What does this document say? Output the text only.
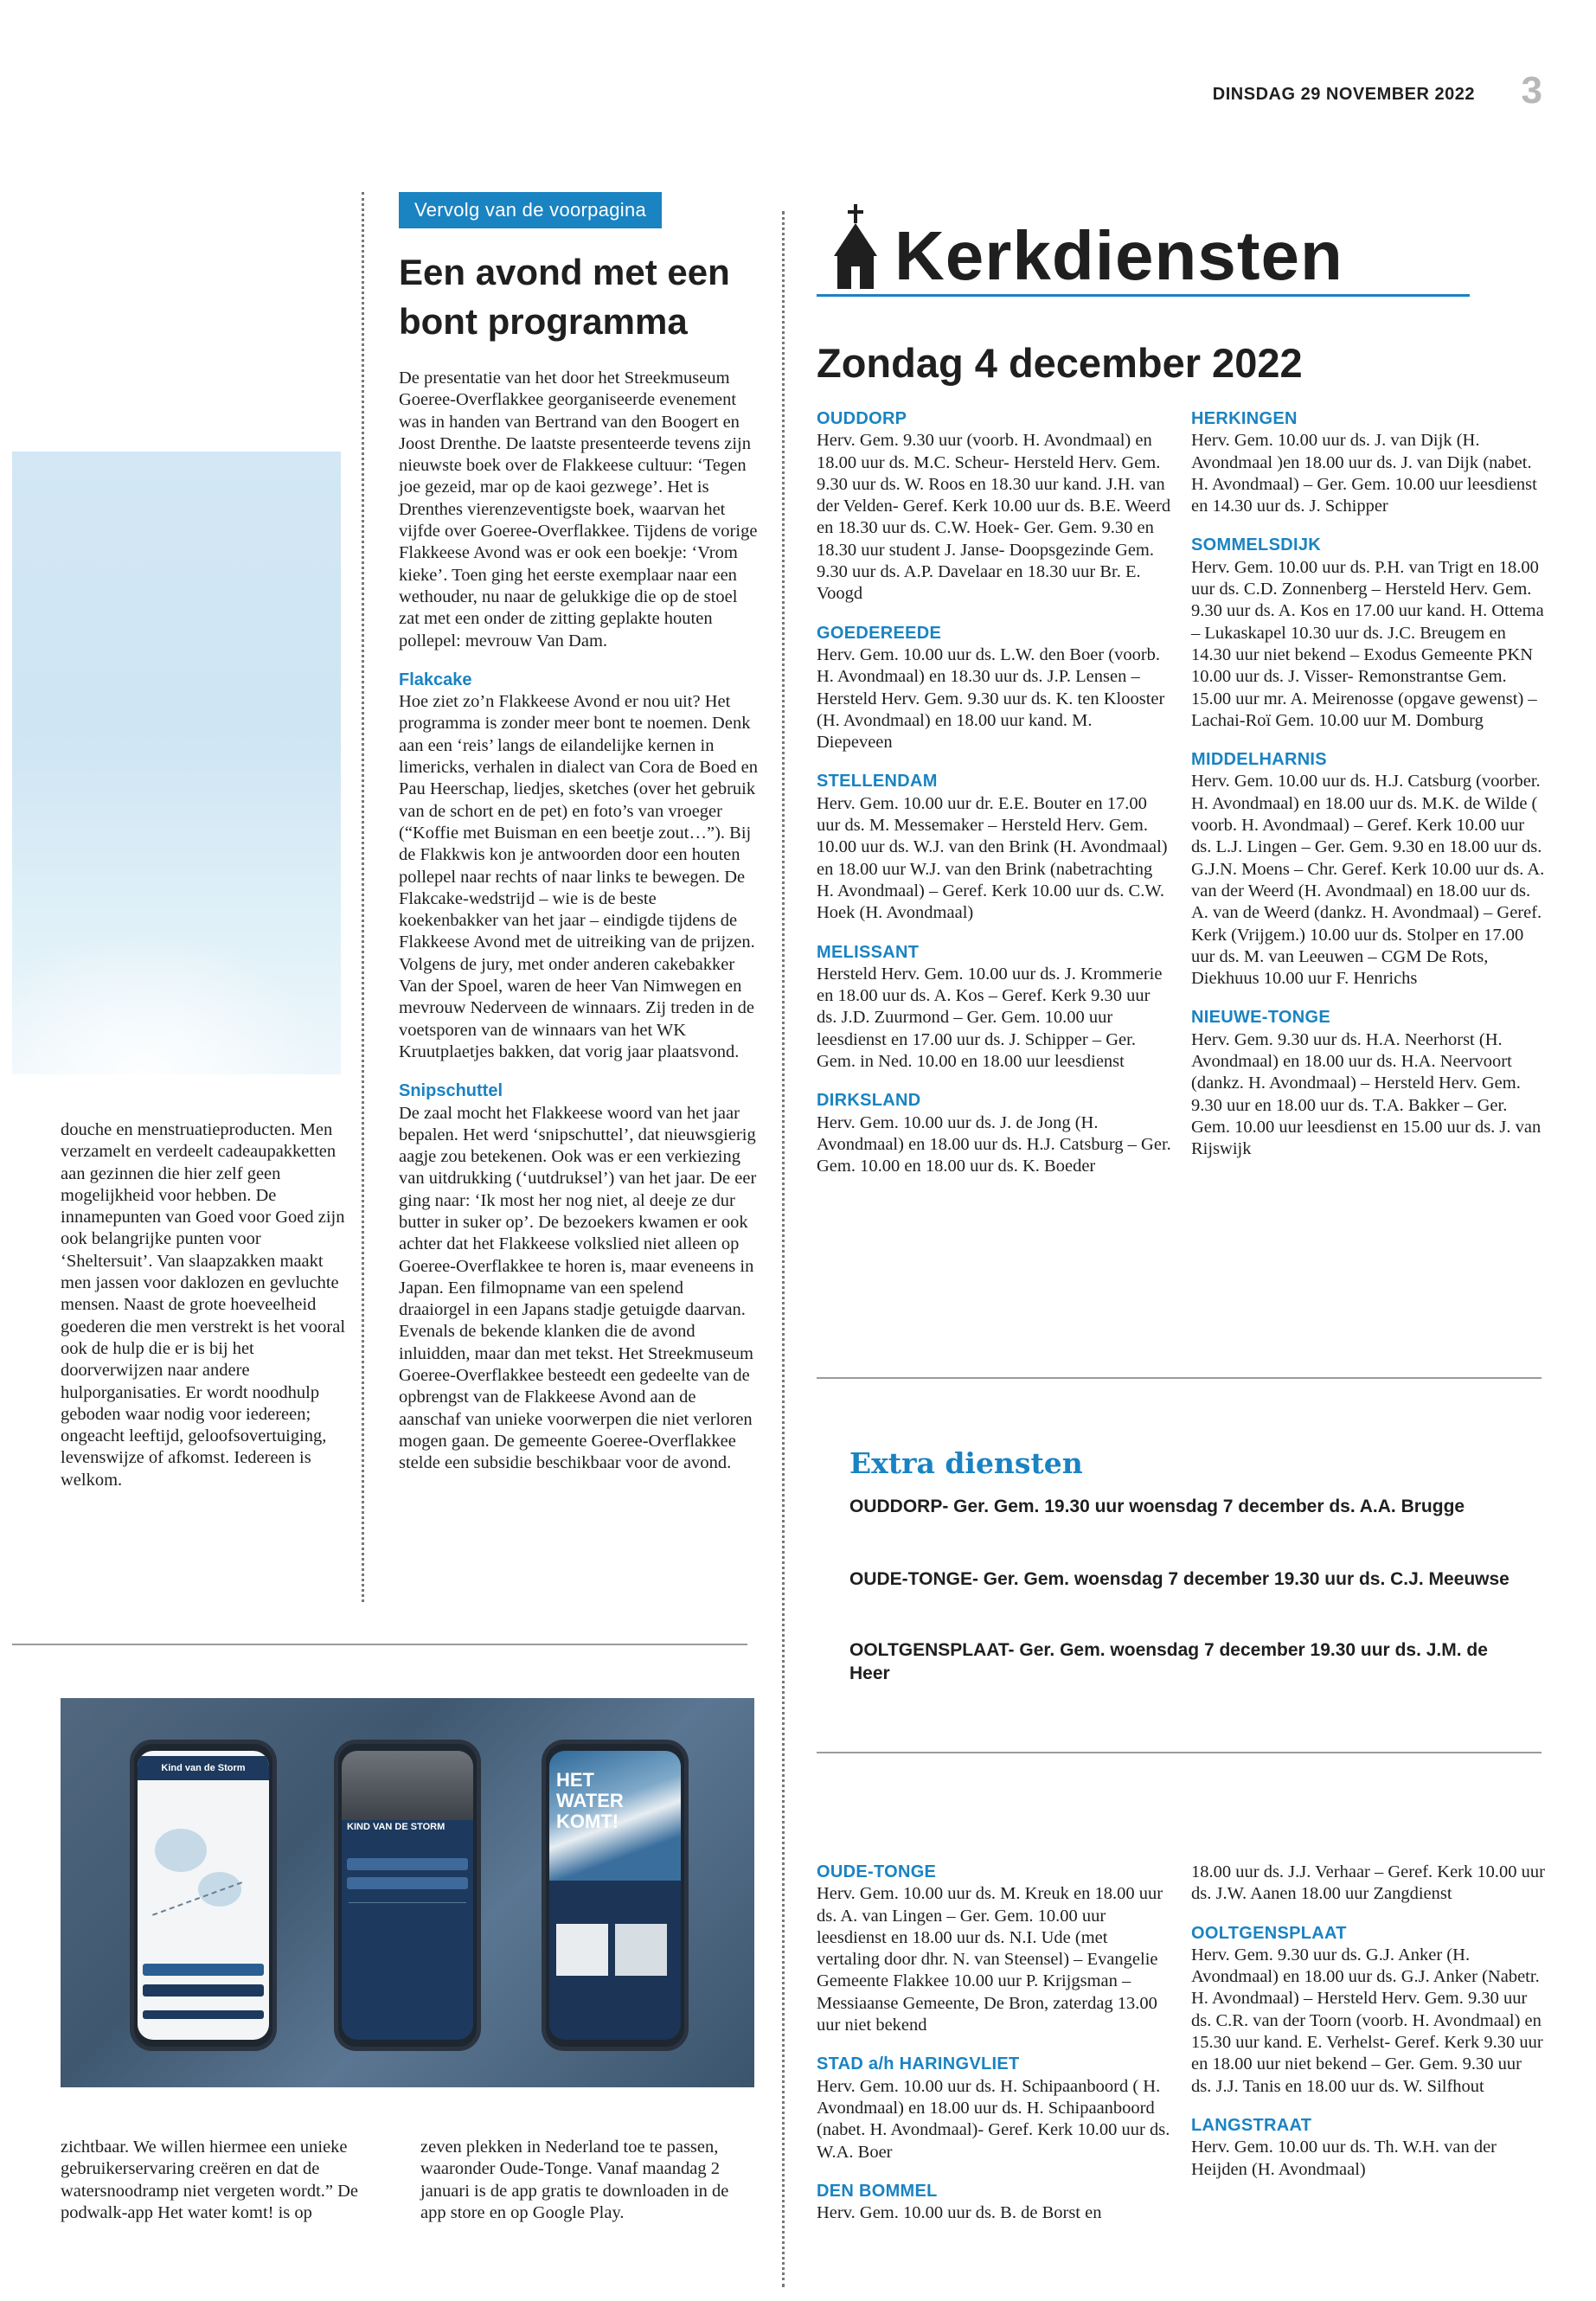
DINSDAG 29 NOVEMBER 2022 3
douche en menstruatieproducten. Men verzamelt en verdeelt cadeaupakketten aan gezinnen die hier zelf geen mogelijkheid voor hebben. De innamepunten van Goed voor Goed zijn ook belangrijke punten voor ‘Sheltersuit’. Van slaapzakken maakt men jassen voor daklozen en gevluchte mensen. Naast de grote hoeveelheid goederen die men verstrekt is het vooral ook de hulp die er is bij het doorverwijzen naar andere hulporganisaties. Er wordt noodhulp geboden waar nodig voor iedereen; ongeacht leeftijd, geloofsovertuiging, levenswijze of afkomst. Iedereen is welkom.
Vervolg van de voorpagina
Een avond met een bont programma

De presentatie van het door het Streekmuseum Goeree-Overflakkee georganiseerde evenement was in handen van Bertrand van den Boogert en Joost Drenthe. De laatste presenteerde tevens zijn nieuwste boek over de Flakkeese cultuur: ‘Tegen joe gezeid, mar op de kaoi gezwege’. Het is Drenthes vierenzeventigste boek, waarvan het vijfde over Goeree-Overflakkee. Tijdens de vorige Flakkeese Avond was er ook een boekje: ‘Vrom kieke’. Toen ging het eerste exemplaar naar een wethouder, nu naar de gelukkige die op de stoel zat met een onder de zitting geplakte houten pollepel: mevrouw Van Dam.

Flakcake

Hoe ziet zo’n Flakkeese Avond er nou uit? Het programma is zonder meer bont te noemen. Denk aan een ‘reis’ langs de eilandelijke kernen in limericks, verhalen in dialect van Cora de Boed en Pau Heerschap, liedjes, sketches (over het gebruik van de schort en de pet) en foto’s van vroeger (“Koffie met Buisman en een beetje zout…”). Bij de Flakkwis kon je antwoorden door een houten pollepel naar rechts of naar links te bewegen. De Flakcake-wedstrijd – wie is de beste koekenbakker van het jaar – eindigde tijdens de Flakkeese Avond met de uitreiking van de prijzen. Volgens de jury, met onder anderen cakebakker Van der Spoel, waren de heer Van Nimwegen en mevrouw Nederveen de winnaars. Zij treden in de voetsporen van de winnaars van het WK Kruutplaetjes bakken, dat vorig jaar plaatsvond.

Snipschuttel

De zaal mocht het Flakkeese woord van het jaar bepalen. Het werd ‘snipschuttel’, dat nieuwsgierig aagje zou betekenen. Ook was er een verkiezing van uitdrukking (‘uutdruksel’) van het jaar. De eer ging naar: ‘Ik most her nog niet, al deeje ze dur butter in suker op’. De bezoekers kwamen er ook achter dat het Flakkeese volkslied niet alleen op Goeree-Overflakkee te horen is, maar eveneens in Japan. Een filmopname van een spelend draaiorgel in een Japans stadje getuigde daarvan. Evenals de bekende klanken die de avond inluidden, maar dan met tekst. Het Streekmuseum Goeree-Overflakkee besteedt een gedeelte van de opbrengst van de Flakkeese Avond aan de aanschaf van unieke voorwerpen die niet verloren mogen gaan. De gemeente Goeree-Overflakkee stelde een subsidie beschikbaar voor de avond.

Kind van de Storm
KIND VAN DE STORM
HET WATER KOMT!
zichtbaar. We willen hiermee een unieke gebruikerservaring creëren en dat de watersnoodramp niet vergeten wordt.” De podwalk-app Het water komt! is op
zeven plekken in Nederland toe te passen, waaronder Oude-Tonge. Vanaf maandag 2 januari is de app gratis te downloaden in de app store en op Google Play.
Kerkdiensten
Zondag 4 december 2022
OUDDORP
Herv. Gem. 9.30 uur (voorb. H. Avondmaal) en 18.00 uur ds. M.C. Scheur- Hersteld Herv. Gem. 9.30 uur ds. W. Roos en 18.30 uur kand. J.H. van der Velden- Geref. Kerk 10.00 uur ds. B.E. Weerd en 18.30 uur ds. C.W. Hoek- Ger. Gem. 9.30 en 18.30 uur student J. Janse- Doopsgezinde Gem. 9.30 uur ds. A.P. Davelaar en 18.30 uur Br. E. Voogd
GOEDEREEDE
Herv. Gem. 10.00 uur ds. L.W. den Boer (voorb. H. Avondmaal) en 18.30 uur ds. J.P. Lensen – Hersteld Herv. Gem. 9.30 uur ds. K. ten Klooster (H. Avondmaal) en 18.00 uur kand. M. Diepeveen
STELLENDAM
Herv. Gem. 10.00 uur dr. E.E. Bouter en 17.00 uur ds. M. Messemaker – Hersteld Herv. Gem. 10.00 uur ds. W.J. van den Brink (H. Avondmaal) en 18.00 uur W.J. van den Brink (nabetrachting H. Avondmaal) – Geref. Kerk 10.00 uur ds. C.W. Hoek (H. Avondmaal)
MELISSANT
Hersteld Herv. Gem. 10.00 uur ds. J. Krommerie en 18.00 uur ds. A. Kos – Geref. Kerk 9.30 uur ds. J.D. Zuurmond – Ger. Gem. 10.00 uur leesdienst en 17.00 uur ds. J. Schipper – Ger. Gem. in Ned. 10.00 en 18.00 uur leesdienst
DIRKSLAND
Herv. Gem. 10.00 uur ds. J. de Jong (H. Avondmaal) en 18.00 uur ds. H.J. Catsburg – Ger. Gem. 10.00 en 18.00 uur ds. K. Boeder
HERKINGEN
Herv. Gem. 10.00 uur ds. J. van Dijk (H. Avondmaal )en 18.00 uur ds. J. van Dijk (nabet. H. Avondmaal) – Ger. Gem. 10.00 uur leesdienst en 14.30 uur ds. J. Schipper
SOMMELSDIJK
Herv. Gem. 10.00 uur ds. P.H. van Trigt en 18.00 uur ds. C.D. Zonnenberg – Hersteld Herv. Gem. 9.30 uur ds. A. Kos en 17.00 uur kand. H. Ottema – Lukaskapel 10.30 uur ds. J.C. Breugem en 14.30 uur niet bekend – Exodus Gemeente PKN 10.00 uur ds. J. Visser- Remonstrantse Gem. 15.00 uur mr. A. Meirenosse (opgave gewenst) – Lachai-Roï Gem. 10.00 uur M. Domburg
MIDDELHARNIS
Herv. Gem. 10.00 uur ds. H.J. Catsburg (voorber. H. Avondmaal) en 18.00 uur ds. M.K. de Wilde ( voorb. H. Avondmaal) – Geref. Kerk 10.00 uur ds. L.J. Lingen – Ger. Gem. 9.30 en 18.00 uur ds. G.J.N. Moens – Chr. Geref. Kerk 10.00 uur ds. A. van der Weerd (H. Avondmaal) en 18.00 uur ds. A. van de Weerd (dankz. H. Avondmaal) – Geref. Kerk (Vrijgem.) 10.00 uur ds. Stolper en 17.00 uur ds. M. van Leeuwen – CGM De Rots, Diekhuus 10.00 uur F. Henrichs
NIEUWE-TONGE
Herv. Gem. 9.30 uur ds. H.A. Neerhorst (H. Avondmaal) en 18.00 uur ds. H.A. Neervoort (dankz. H. Avondmaal) – Hersteld Herv. Gem. 9.30 uur en 18.00 uur ds. T.A. Bakker – Ger. Gem. 10.00 uur leesdienst en 15.00 uur ds. J. van Rijswijk
Extra diensten
OUDDORP- Ger. Gem. 19.30 uur woensdag 7 december ds. A.A. Brugge
OUDE-TONGE- Ger. Gem. woensdag 7 december 19.30 uur ds. C.J. Meeuwse
OOLTGENSPLAAT- Ger. Gem. woensdag 7 december 19.30 uur ds. J.M. de Heer
OUDE-TONGE
Herv. Gem. 10.00 uur ds. M. Kreuk en 18.00 uur ds. A. van Lingen – Ger. Gem. 10.00 uur leesdienst en 18.00 uur ds. N.I. Ude (met vertaling door dhr. N. van Steensel) – Evangelie Gemeente Flakkee 10.00 uur P. Krijgsman – Messiaanse Gemeente, De Bron, zaterdag 13.00 uur niet bekend
STAD a/h HARINGVLIET
Herv. Gem. 10.00 uur ds. H. Schipaanboord ( H. Avondmaal) en 18.00 uur ds. H. Schipaanboord (nabet. H. Avondmaal)- Geref. Kerk 10.00 uur ds. W.A. Boer
DEN BOMMEL
Herv. Gem. 10.00 uur ds. B. de Borst en
18.00 uur ds. J.J. Verhaar – Geref. Kerk 10.00 uur ds. J.W. Aanen 18.00 uur Zangdienst
OOLTGENSPLAAT
Herv. Gem. 9.30 uur ds. G.J. Anker (H. Avondmaal) en 18.00 uur ds. G.J. Anker (Nabetr. H. Avondmaal) – Hersteld Herv. Gem. 9.30 uur ds. C.R. van der Toorn (voorb. H. Avondmaal) en 15.30 uur kand. E. Verhelst- Geref. Kerk 9.30 uur en 18.00 uur niet bekend – Ger. Gem. 9.30 uur ds. J.J. Tanis en 18.00 uur ds. W. Silfhout
LANGSTRAAT
Herv. Gem. 10.00 uur ds. Th. W.H. van der Heijden (H. Avondmaal)
